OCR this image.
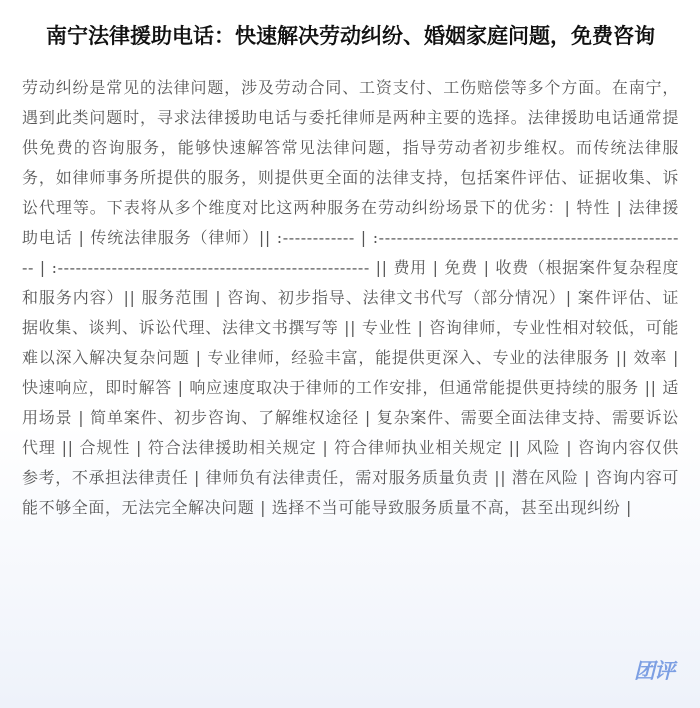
南宁法律援助电话：快速解决劳动纠纷、婚姻家庭问题，免费咨询

劳动纠纷是常见的法律问题，涉及劳动合同、工资支付、工伤赔偿等多个方面。在南宁，遇到此类问题时，寻求法律援助电话与委托律师是两种主要的选择。法律援助电话通常提供免费的咨询服务，能够快速解答常见法律问题，指导劳动者初步维权。而传统法律服务，如律师事务所提供的服务，则提供更全面的法律支持，包括案件评估、证据收集、诉讼代理等。下表将从多个维度对比这两种服务在劳动纠纷场景下的优劣：| 特性 | 法律援助电话 | 传统法律服务（律师）|| :------------ | :---------------------------------------------------- | :---------------------------------------------------- || 费用 | 免费 | 收费（根据案件复杂程度和服务内容）|| 服务范围 | 咨询、初步指导、法律文书代写（部分情况）| 案件评估、证据收集、谈判、诉讼代理、法律文书撰写等 || 专业性 | 咨询律师，专业性相对较低，可能难以深入解决复杂问题 | 专业律师，经验丰富，能提供更深入、专业的法律服务 || 效率 | 快速响应，即时解答 | 响应速度取决于律师的工作安排，但通常能提供更持续的服务 || 适用场景 | 简单案件、初步咨询、了解维权途径 | 复杂案件、需要全面法律支持、需要诉讼代理 || 合规性 | 符合法律援助相关规定 | 符合律师执业相关规定 || 风险 | 咨询内容仅供参考，不承担法律责任 | 律师负有法律责任，需对服务质量负责 || 潜在风险 | 咨询内容可能不够全面，无法完全解决问题 | 选择不当可能导致服务质量不高，甚至出现纠纷 |

团评
